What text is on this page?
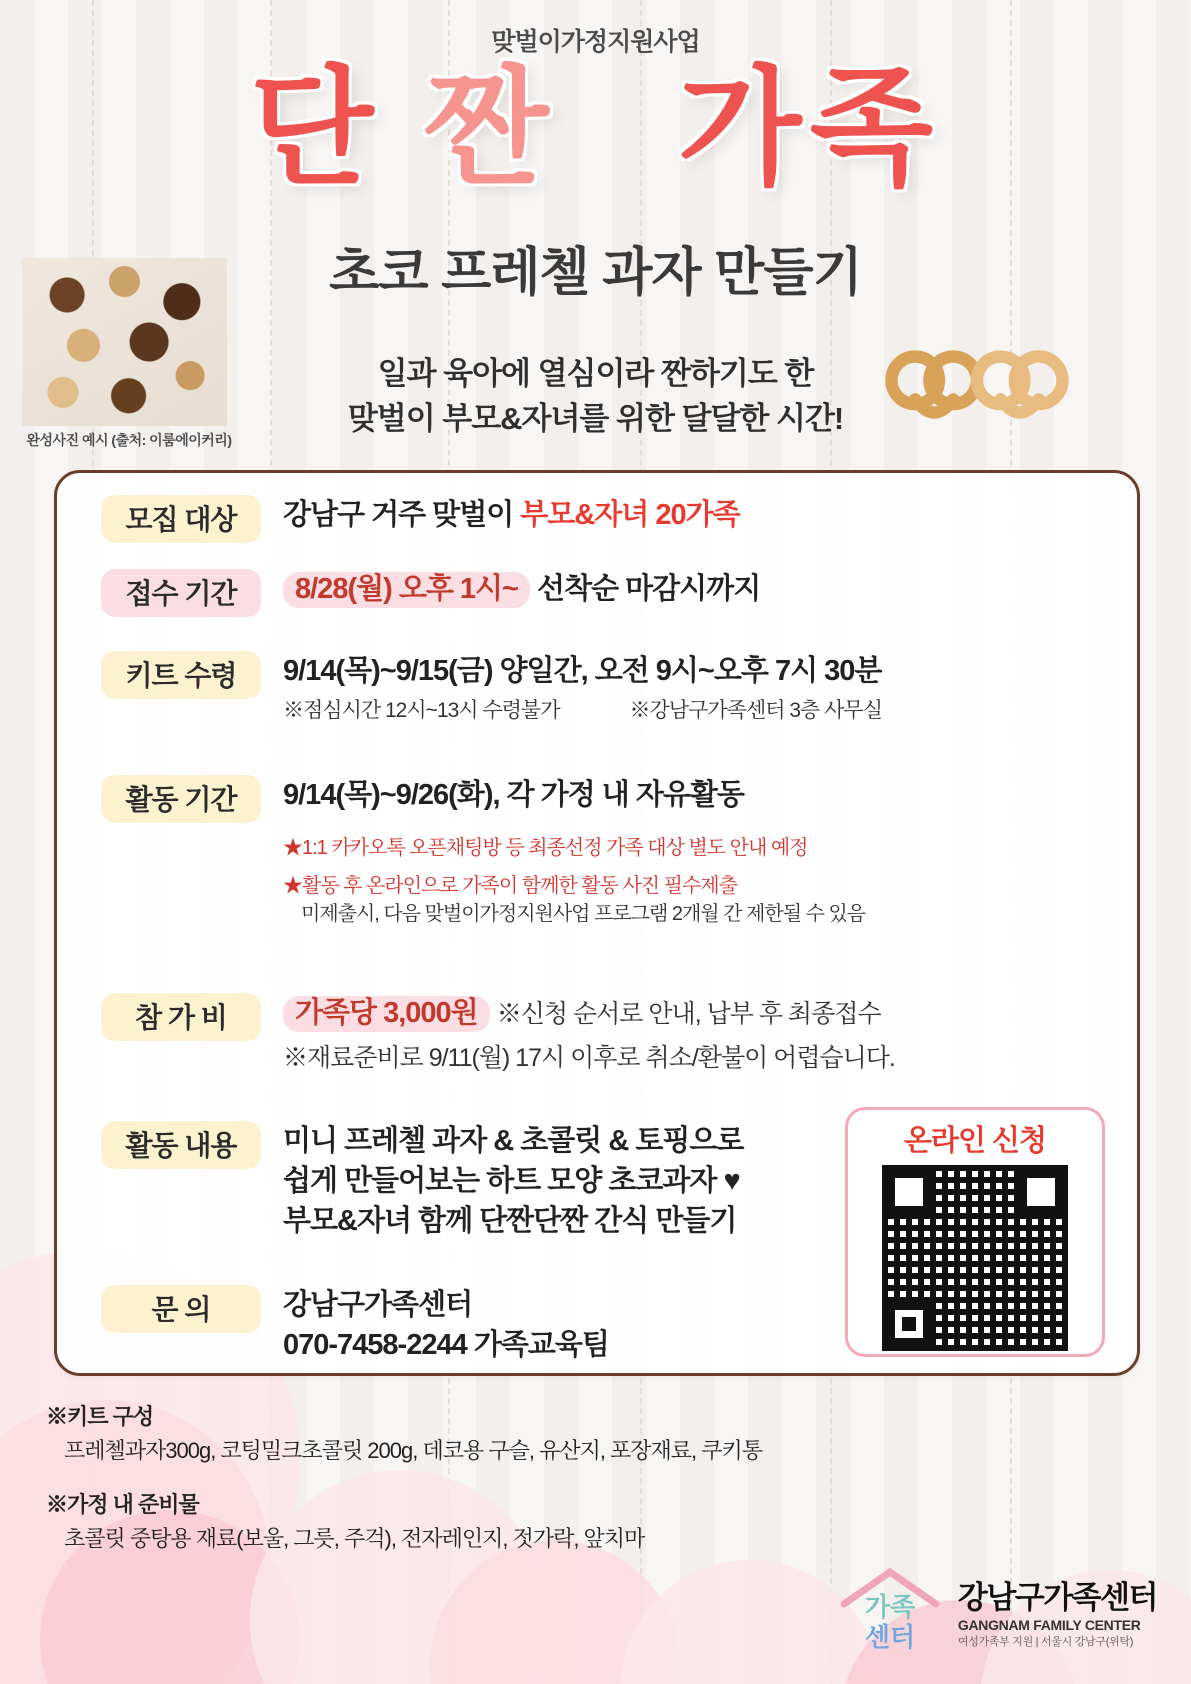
맞벌이가정지원사업
단 짠 가족
초코 프레첼 과자 만들기
일과 육아에 열심이라 짠하기도 한
맞벌이 부모&자녀를 위한 달달한 시간!
완성사진 예시 (출처: 이룸에이커리)
모집 대상	강남구 거주 맞벌이 부모&자녀 20가족
접수 기간	8/28(월) 오후 1시~ 선착순 마감시까지
키트 수령	9/14(목)~9/15(금) 양일간, 오전 9시~오후 7시 30분
※점심시간 12시~13시 수령불가	※강남구가족센터 3층 사무실
활동 기간	9/14(목)~9/26(화), 각 가정 내 자유활동
★1:1 카카오톡 오픈채팅방 등 최종선정 가족 대상 별도 안내 예정
★활동 후 온라인으로 가족이 함께한 활동 사진 필수제출
미제출시, 다음 맞벌이가정지원사업 프로그램 2개월 간 제한될 수 있음
참 가 비	가족당 3,000원 ※신청 순서로 안내, 납부 후 최종접수
※재료준비로 9/11(월) 17시 이후로 취소/환불이 어렵습니다.
활동 내용	미니 프레첼 과자 & 초콜릿 & 토핑으로
쉽게 만들어보는 하트 모양 초코과자 ♥
부모&자녀 함께 단짠단짠 간식 만들기
문 의	강남구가족센터
070-7458-2244 가족교육팀
온라인 신청
※키트 구성
프레첼과자300g, 코팅밀크초콜릿 200g, 데코용 구슬, 유산지, 포장재료, 쿠키통
※가정 내 준비물
초콜릿 중탕용 재료(보울, 그릇, 주걱), 전자레인지, 젓가락, 앞치마
가족
센터
강남구가족센터
GANGNAM FAMILY CENTER
여성가족부 지원 | 서울시 강남구(위탁)
